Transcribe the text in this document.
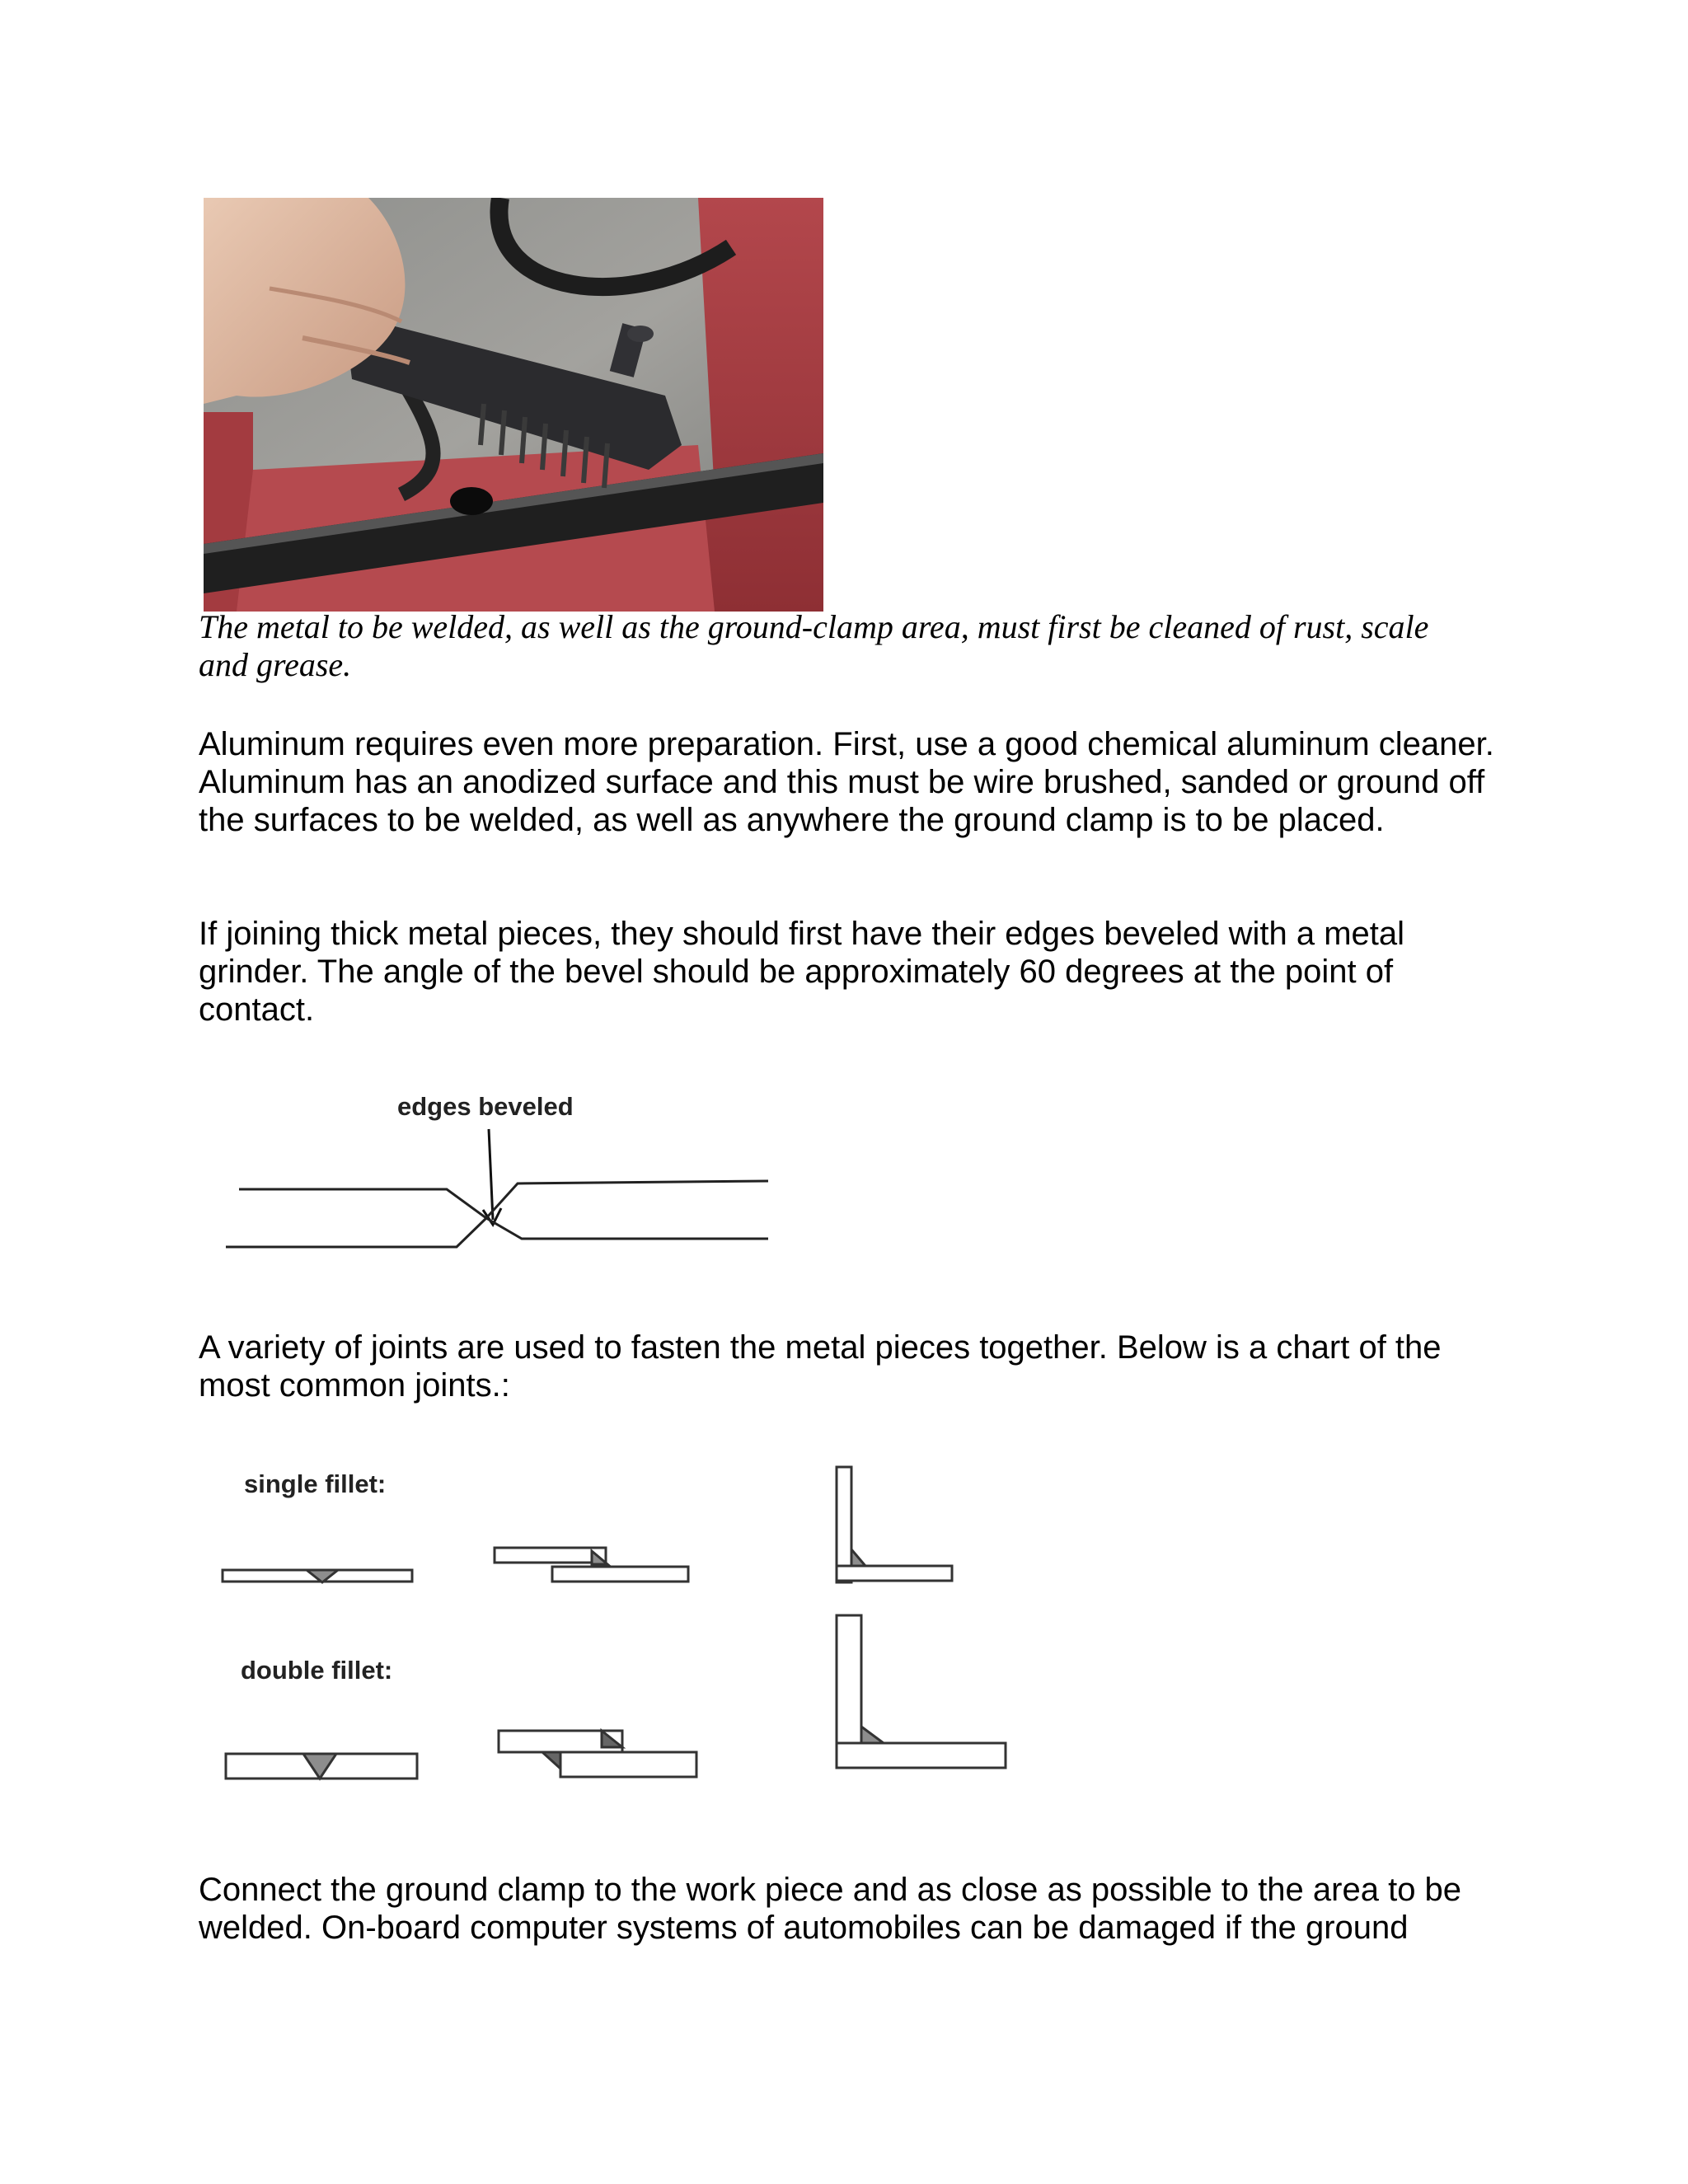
The metal to be welded, as well as the ground-clamp area, must first be cleaned of rust, scale and grease.

Aluminum requires even more preparation. First, use a good chemical aluminum cleaner. Aluminum has an anodized surface and this must be wire brushed, sanded or ground off the surfaces to be welded, as well as anywhere the ground clamp is to be placed.

If joining thick metal pieces, they should first have their edges beveled with a metal grinder. The angle of the bevel should be approximately 60 degrees at the point of contact.

edges beveled

A variety of joints are used to fasten the metal pieces together. Below is a chart of the most common joints.:

single fillet:
double fillet:

Connect the ground clamp to the work piece and as close as possible to the area to be welded. On-board computer systems of automobiles can be damaged if the ground
